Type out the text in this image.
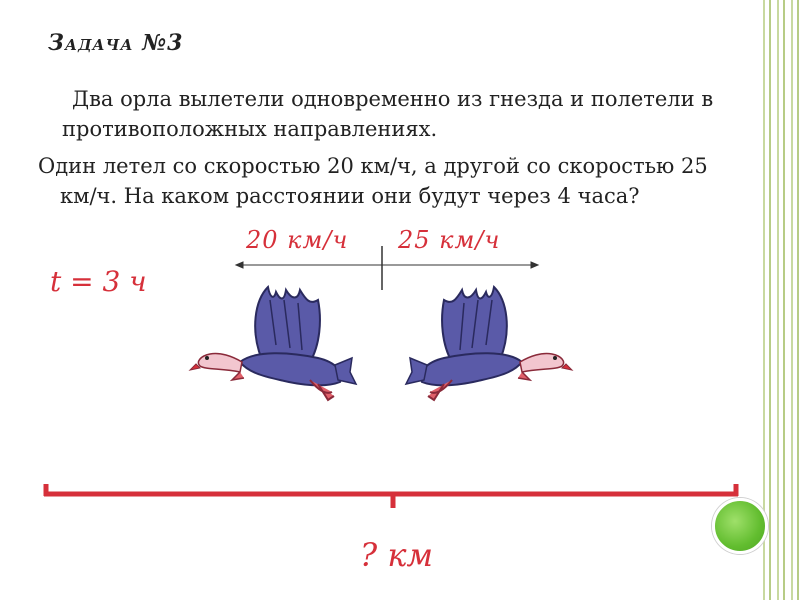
Задача №3
Два орла вылетели одновременно из гнезда и полетели в
противоположных направлениях.
Один летел со скоростью 20 км/ч, а другой со скоростью 25
км/ч. На каком расстоянии они будут через 4 часа?
20 км/ч 25 км/ч
t = 3 ч
? км
